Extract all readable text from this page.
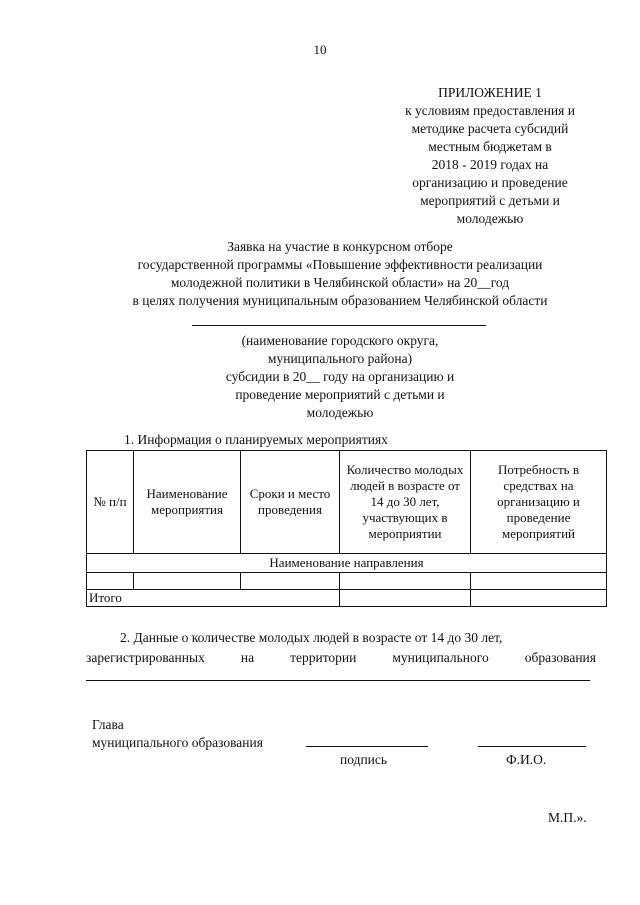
10
ПРИЛОЖЕНИЕ 1
к условиям предоставления и
методике расчета субсидий
местным бюджетам в
2018 - 2019 годах на
организацию и проведение
мероприятий с детьми и
молодежью
Заявка на участие в конкурсном отборе
государственной программы «Повышение эффективности реализации
молодежной политики в Челябинской области» на 20__год
в целях получения муниципальным образованием Челябинской области
(наименование городского округа,
муниципального района)
субсидии в 20__ году на организацию и
проведение мероприятий с детьми и
молодежью
1. Информация о планируемых мероприятиях
№ п/п	Наименование мероприятия	Сроки и место проведения	Количество молодых людей в возрасте от 14 до 30 лет, участвующих в мероприятии	Потребность в средствах на организацию и проведение мероприятий
Наименование направления				

Итого				
2. Данные о количестве молодых людей в возрасте от 14 до 30 лет,
зарегистрированных	на	территории	муниципального	образования
Глава
муниципального образования
подпись	Ф.И.О.
М.П.».
